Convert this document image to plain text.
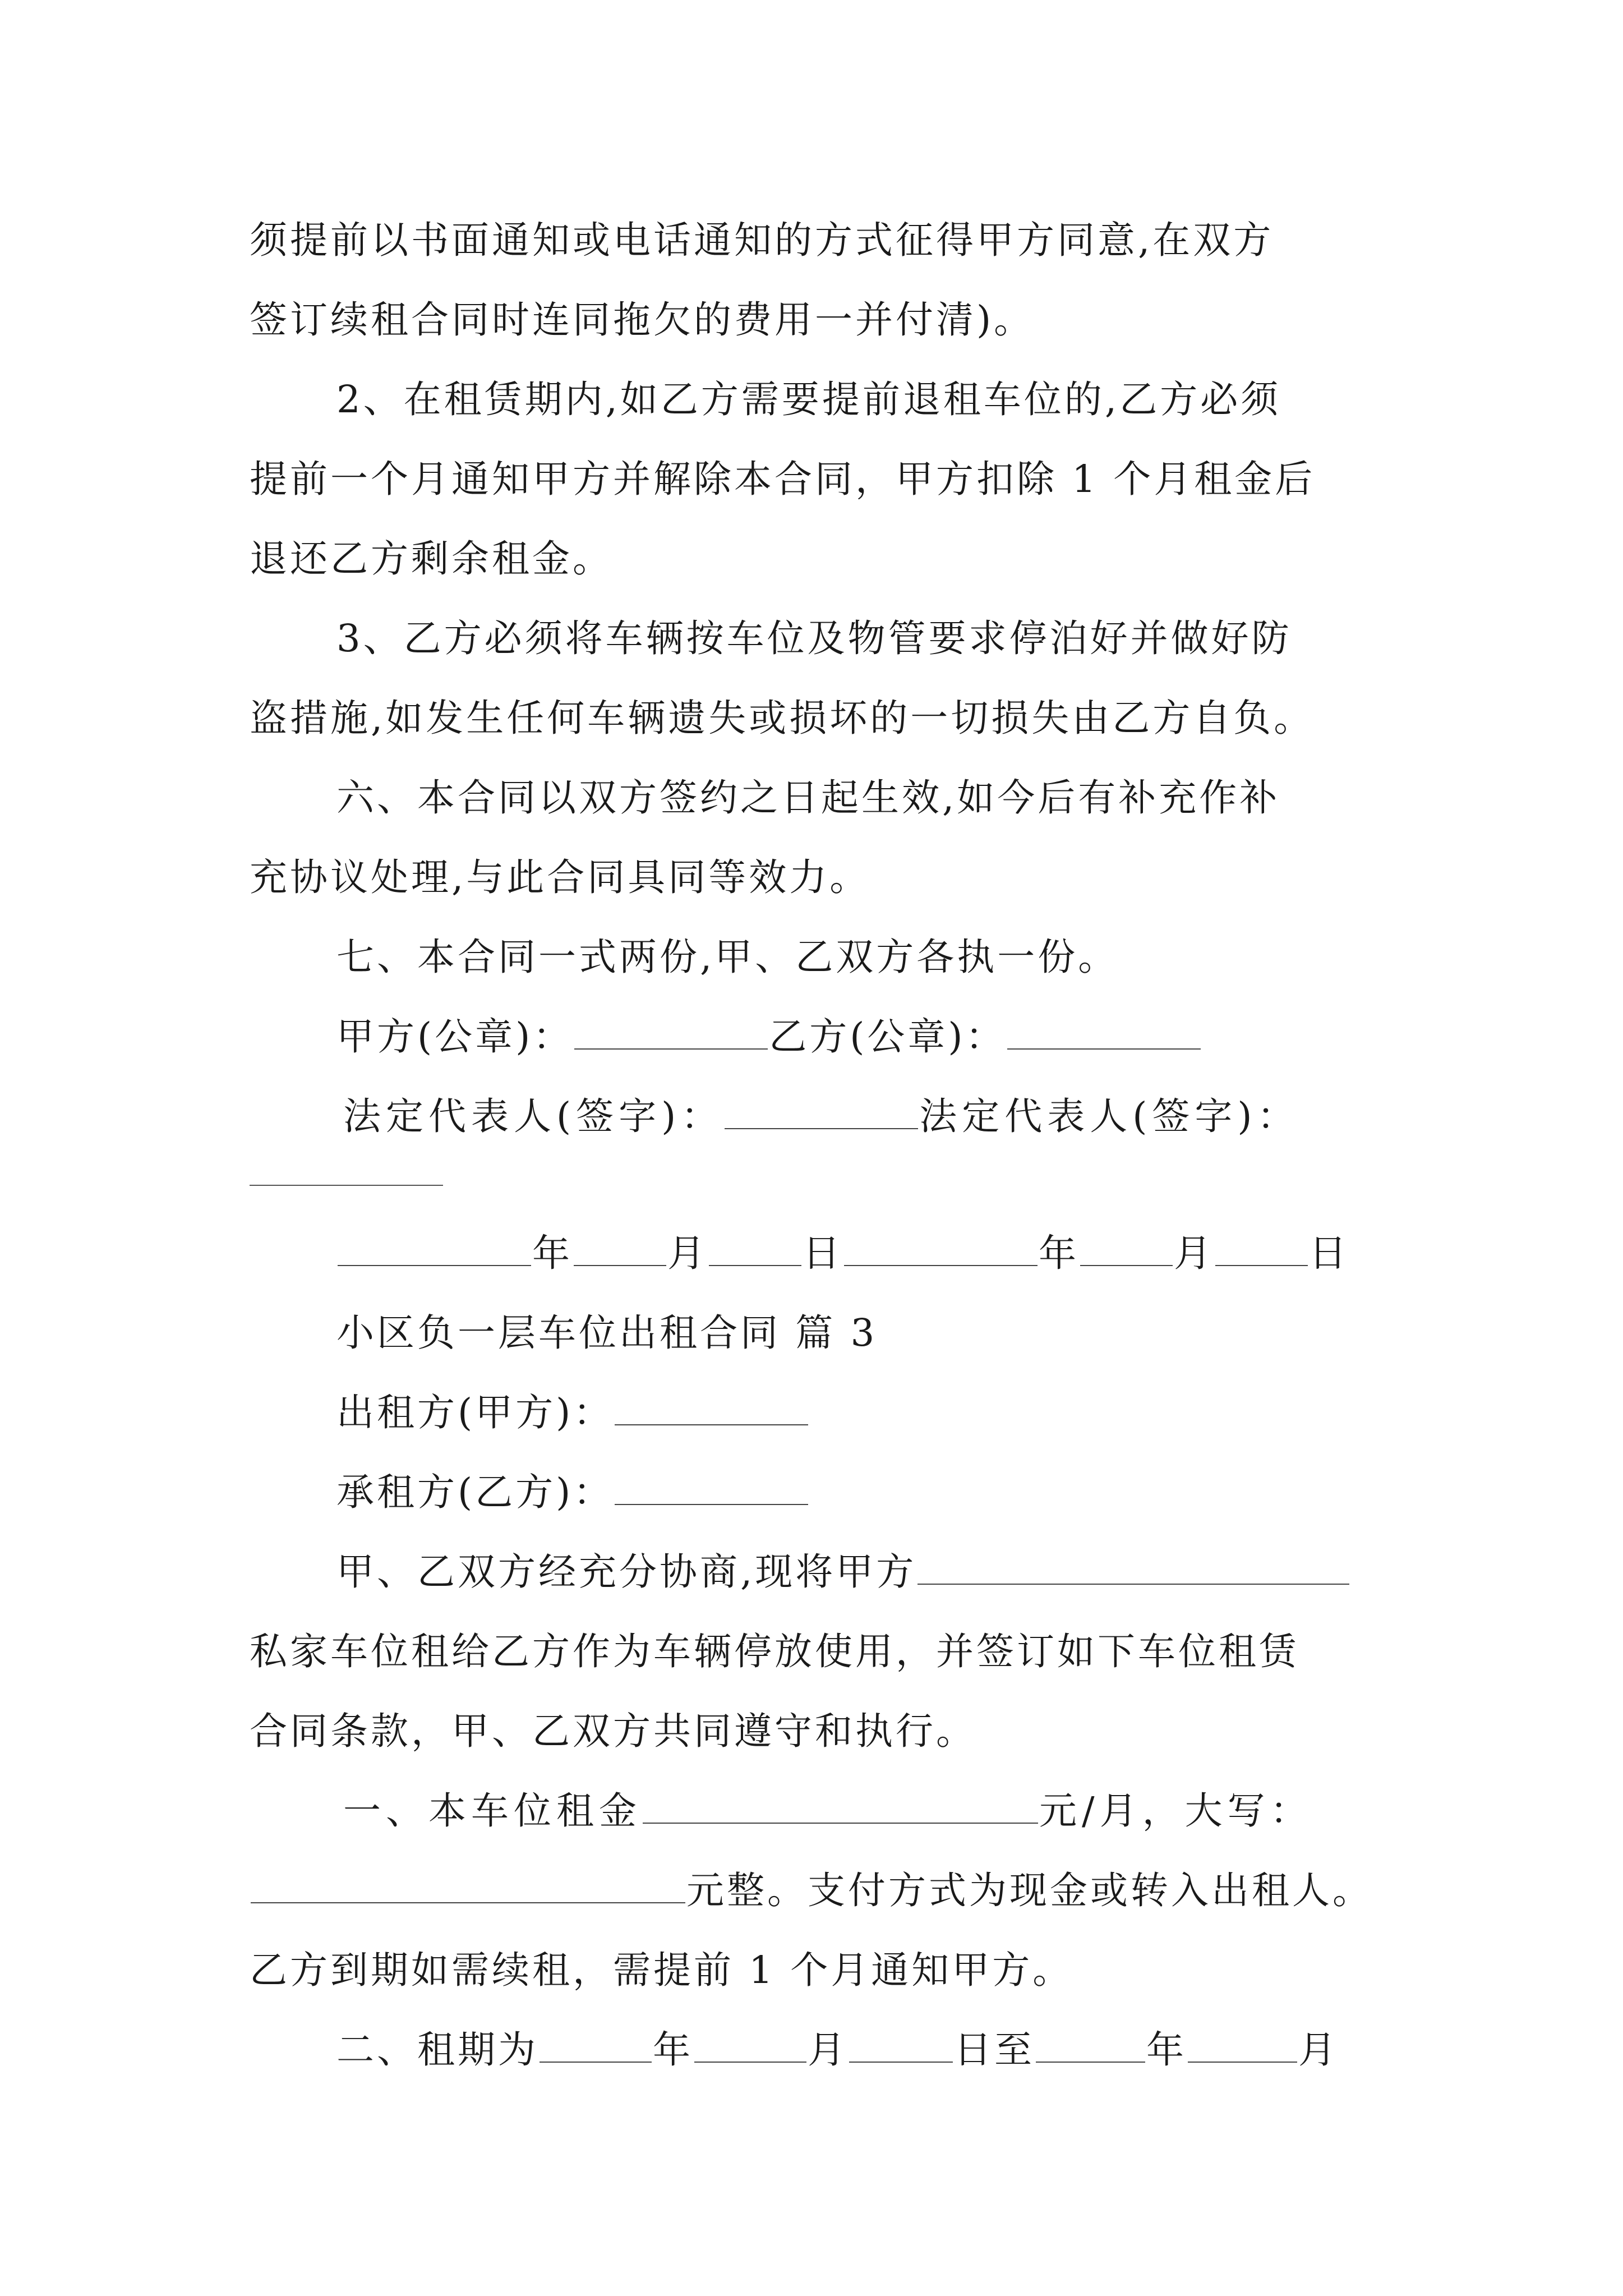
须提前以书面通知或电话通知的方式征得甲方同意,在双方
签订续租合同时连同拖欠的费用一并付清)。
2、在租赁期内,如乙方需要提前退租车位的,乙方必须
提前一个月通知甲方并解除本合同，甲方扣除 1 个月租金后
退还乙方剩余租金。
3、乙方必须将车辆按车位及物管要求停泊好并做好防
盗措施,如发生任何车辆遗失或损坏的一切损失由乙方自负。
六、本合同以双方签约之日起生效,如今后有补充作补
充协议处理,与此合同具同等效力。
七、本合同一式两份,甲、乙双方各执一份。
甲方(公章)：	乙方(公章)：
法定代表人(签字)：	法定代表人(签字)：
年	月	日	年	月	日
小区负一层车位出租合同 篇 3
出租方(甲方)：
承租方(乙方)：
甲、乙双方经充分协商,现将甲方
私家车位租给乙方作为车辆停放使用，并签订如下车位租赁
合同条款，甲、乙双方共同遵守和执行。
一、本车位租金	元/月，大写：
元整。支付方式为现金或转入出租人。
乙方到期如需续租，需提前 1 个月通知甲方。
二、租期为	年	月	日至	年	月
